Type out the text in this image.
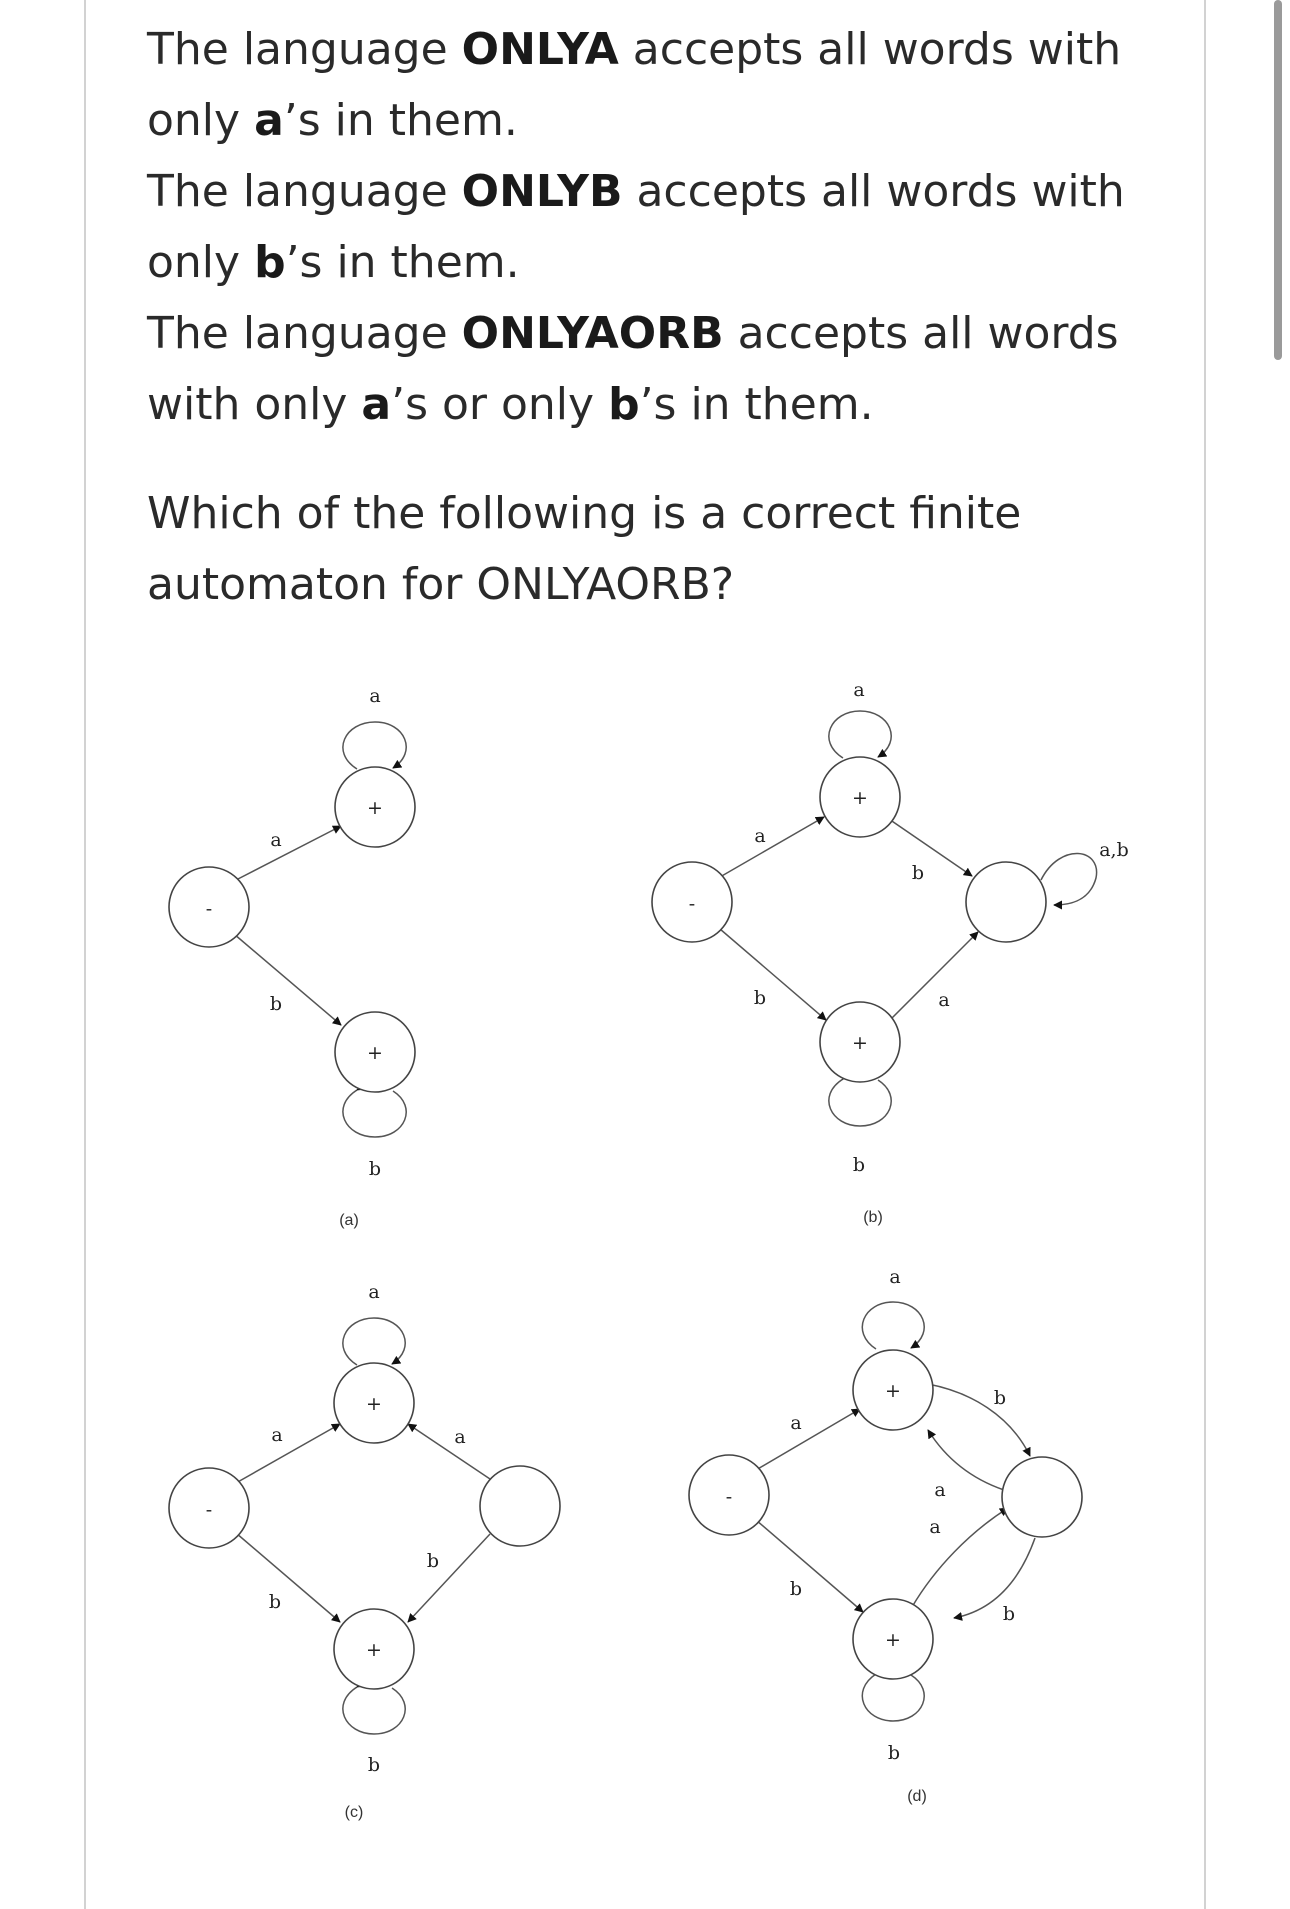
The language ONLYA accepts all words with only a’s in them.

The language ONLYB accepts all words with only b’s in them.

The language ONLYAORB accepts all words with only a’s or only b’s in them.

Which of the following is a correct finite automaton for ONLYAORB?

-
+
+
a
b
a
b
(a)
-
+
+
a
b
a
b
b
a
a,b
(b)
-
+
+
a
b
a
b
a
b
(c)
-
+
+
a
b
a
b
b
a
a
b
(d)
